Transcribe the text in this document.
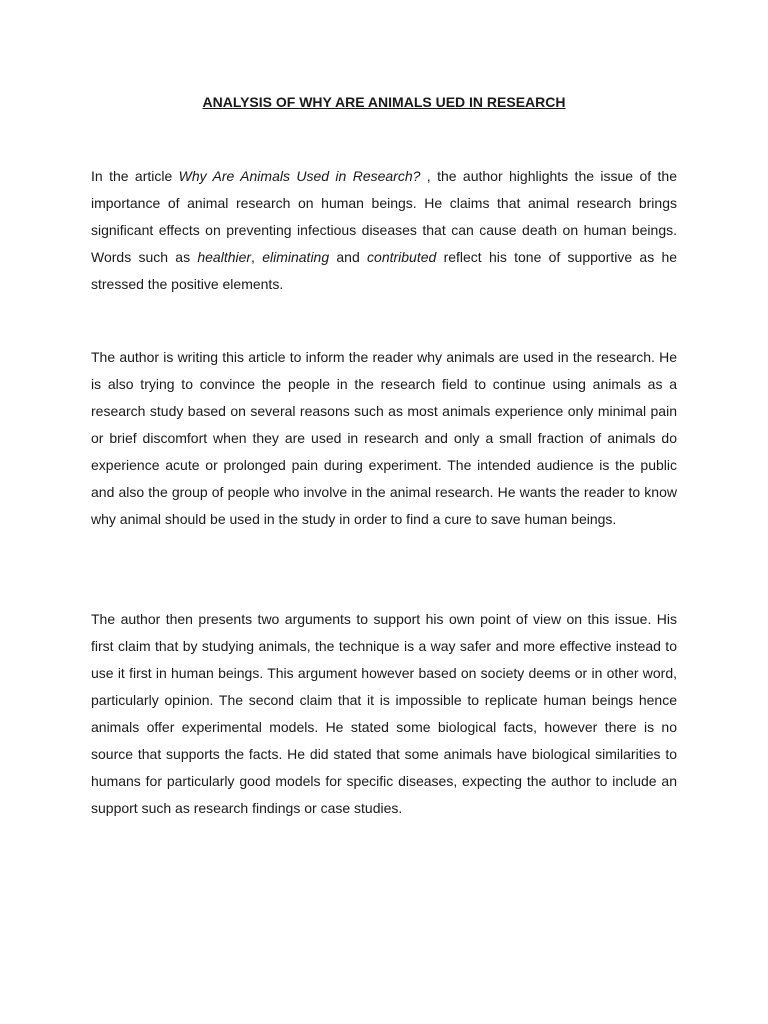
ANALYSIS OF WHY ARE ANIMALS UED IN RESEARCH

In the article Why Are Animals Used in Research? , the author highlights the issue of the importance of animal research on human beings. He claims that animal research brings significant effects on preventing infectious diseases that can cause death on human beings. Words such as healthier, eliminating and contributed reflect his tone of supportive as he stressed the positive elements.

The author is writing this article to inform the reader why animals are used in the research. He is also trying to convince the people in the research field to continue using animals as a research study based on several reasons such as most animals experience only minimal pain or brief discomfort when they are used in research and only a small fraction of animals do experience acute or prolonged pain during experiment. The intended audience is the public and also the group of people who involve in the animal research. He wants the reader to know why animal should be used in the study in order to find a cure to save human beings.

The author then presents two arguments to support his own point of view on this issue. His first claim that by studying animals, the technique is a way safer and more effective instead to use it first in human beings. This argument however based on society deems or in other word, particularly opinion. The second claim that it is impossible to replicate human beings hence animals offer experimental models. He stated some biological facts, however there is no source that supports the facts. He did stated that some animals have biological similarities to humans for particularly good models for specific diseases, expecting the author to include an support such as research findings or case studies.
